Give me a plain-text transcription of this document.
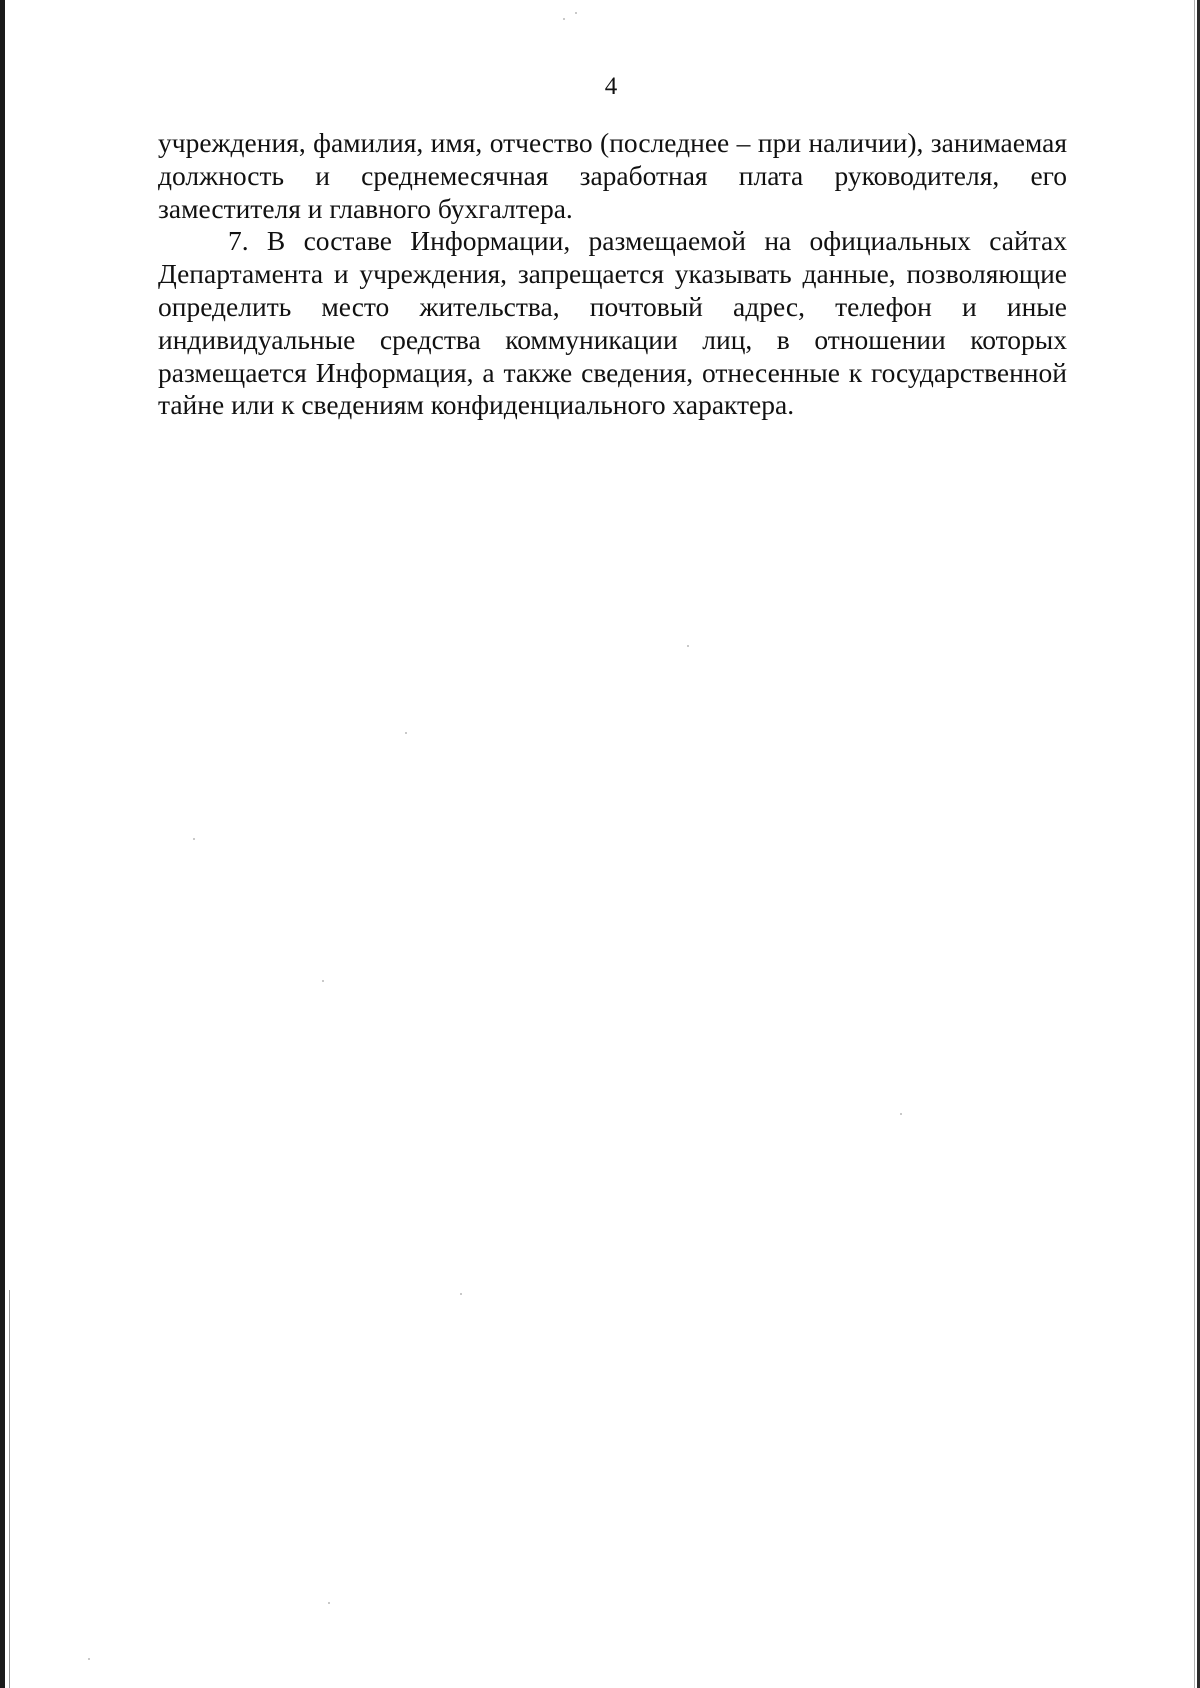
4

учреждения, фамилия, имя, отчество (последнее – при наличии), занимаемая должность и среднемесячная заработная плата руководителя, его заместителя и главного бухгалтера.

7. В составе Информации, размещаемой на официальных сайтах Департамента и учреждения, запрещается указывать данные, позволяющие определить место жительства, почтовый адрес, телефон и иные индивидуальные средства коммуникации лиц, в отношении которых размещается Информация, а также сведения, отнесенные к государственной тайне или к сведениям конфиденциального характера.
